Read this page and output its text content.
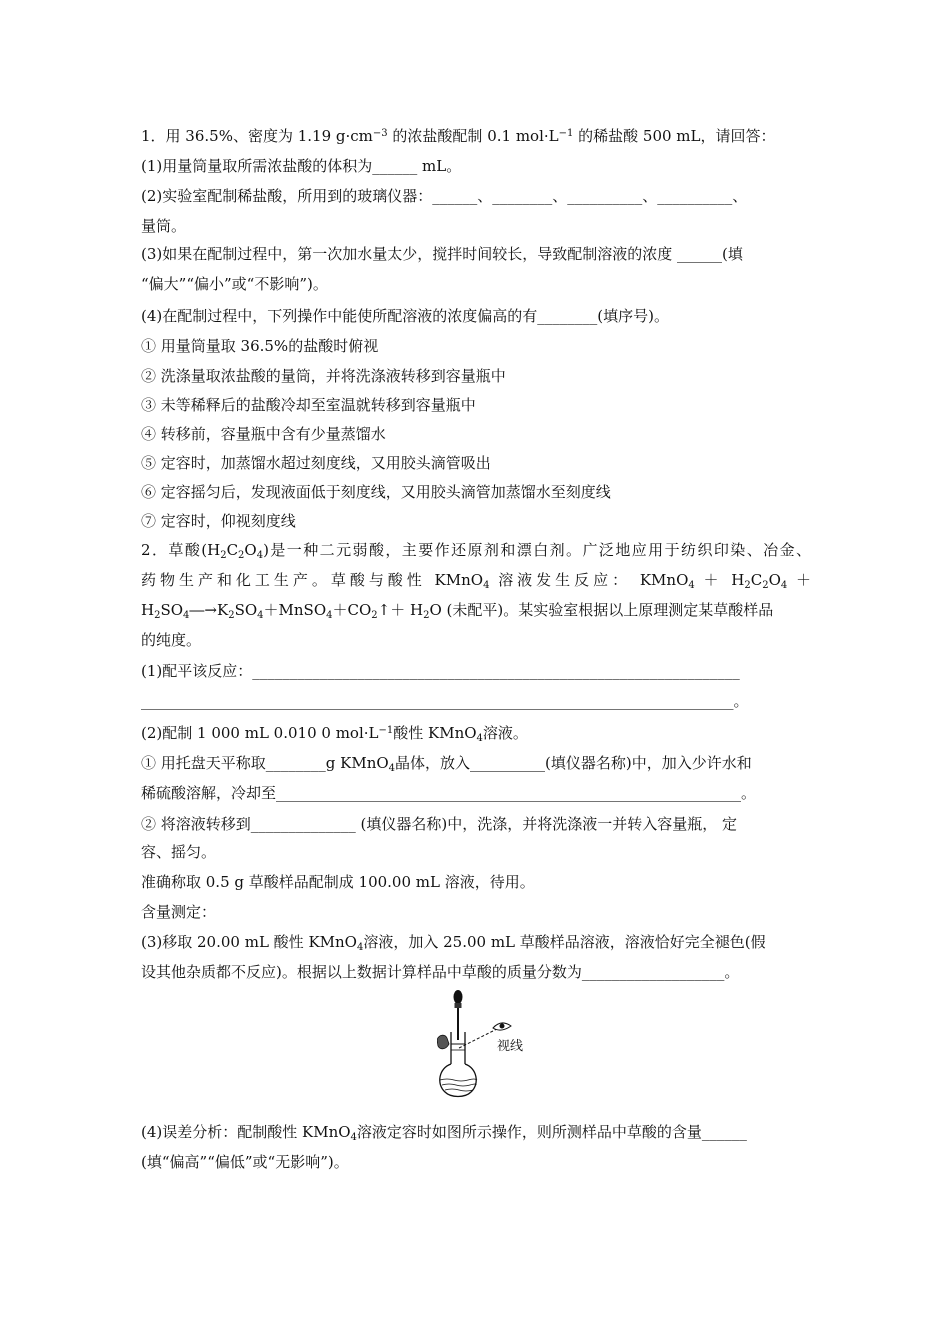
1．用 36.5%、密度为 1.19 $g\cdot cm^{-3}$ 的浓盐酸配制 0.1 $mol\cdot L^{-1}$ 的稀盐酸 500 mL，请回答：
(1)用量筒量取所需浓盐酸的体积为______ mL。
(2)实验室配制稀盐酸，所用到的玻璃仪器：______、________、__________、__________、
量筒。
(3)如果在配制过程中，第一次加水量太少，搅拌时间较长，导致配制溶液的浓度 ______(填
“偏大”“偏小”或“不影响”)。
(4)在配制过程中，下列操作中能使所配溶液的浓度偏高的有________(填序号)。
① 用量筒量取 36.5%的盐酸时俯视
② 洗涤量取浓盐酸的量筒，并将洗涤液转移到容量瓶中
③ 未等稀释后的盐酸冷却至室温就转移到容量瓶中
④ 转移前，容量瓶中含有少量蒸馏水
⑤ 定容时，加蒸馏水超过刻度线，又用胶头滴管吸出
⑥ 定容摇匀后，发现液面低于刻度线，又用胶头滴管加蒸馏水至刻度线
⑦ 定容时，仰视刻度线
2．草酸$(H_2C_2O_4)$是一种二元弱酸，主要作还原剂和漂白剂。广泛地应用于纺织印染、冶金、
药物生产和化工生产。草酸与酸性 KMnO$_4$ 溶液发生反应： KMnO$_4$ ＋ $H_2C_2O_4$ ＋
$H_2SO_4―\to K_2SO_4+MnSO_4+CO_2↑+ H_2O$ (未配平)。某实验室根据以上原理测定某草酸样品
的纯度。
(1)配平该反应：_________________________________________________________________
_______________________________________________________________________________。
(2)配制 1 000 mL 0.010 0 $mol\cdot L^{-1}$酸性 KMnO$_4$溶液。
① 用托盘天平称取________g KMnO$_4$晶体，放入__________(填仪器名称)中，加入少许水和
稀硫酸溶解，冷却至______________________________________________________________。
② 将溶液转移到______________ (填仪器名称)中，洗涤，并将洗涤液一并转入容量瓶， 定
容、摇匀。
准确称取 0.5 g 草酸样品配制成 100.00 mL 溶液，待用。
含量测定：
(3)移取 20.00 mL 酸性 KMnO$_4$溶液，加入 25.00 mL 草酸样品溶液，溶液恰好完全褪色(假
设其他杂质都不反应)。根据以上数据计算样品中草酸的质量分数为___________________。
视线
(4)误差分析：配制酸性 KMnO$_4$溶液定容时如图所示操作，则所测样品中草酸的含量______
(填“偏高”“偏低”或“无影响”)。
